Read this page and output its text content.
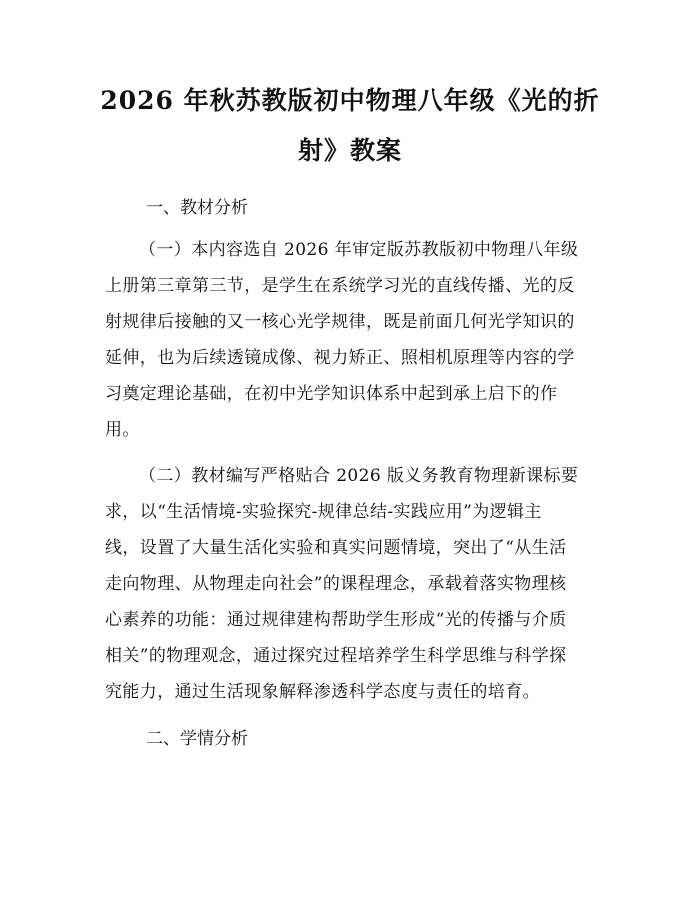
2026 年秋苏教版初中物理八年级《光的折
射》教案
一、教材分析
（一）本内容选自 2026 年审定版苏教版初中物理八年级
上册第三章第三节，是学生在系统学习光的直线传播、光的反
射规律后接触的又一核心光学规律，既是前面几何光学知识的
延伸，也为后续透镜成像、视力矫正、照相机原理等内容的学
习奠定理论基础，在初中光学知识体系中起到承上启下的作
用。
（二）教材编写严格贴合 2026 版义务教育物理新课标要
求，以“生活情境-实验探究-规律总结-实践应用”为逻辑主
线，设置了大量生活化实验和真实问题情境，突出了“从生活
走向物理、从物理走向社会”的课程理念，承载着落实物理核
心素养的功能：通过规律建构帮助学生形成“光的传播与介质
相关”的物理观念，通过探究过程培养学生科学思维与科学探
究能力，通过生活现象解释渗透科学态度与责任的培育。
二、学情分析
